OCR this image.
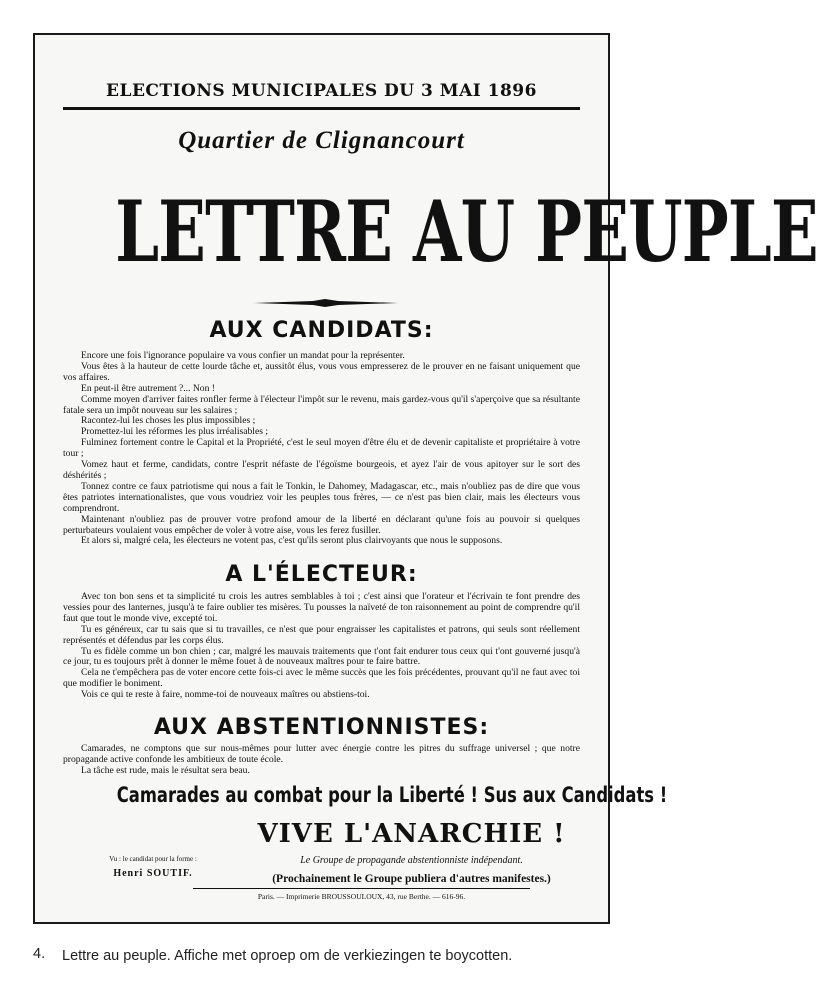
ELECTIONS MUNICIPALES DU 3 MAI 1896
Quartier de Clignancourt
LETTRE AU PEUPLE
AUX CANDIDATS:

Encore une fois l'ignorance populaire va vous confier un mandat pour la représenter.

Vous êtes à la hauteur de cette lourde tâche et, aussitôt élus, vous vous empresserez de le prouver en ne faisant uniquement que vos affaires.

En peut-il être autrement ?... Non !

Comme moyen d'arriver faites ronfler ferme à l'électeur l'impôt sur le revenu, mais gardez-vous qu'il s'aperçoive que sa résultante fatale sera un impôt nouveau sur les salaires ;

Racontez-lui les choses les plus impossibles ;

Promettez-lui les réformes les plus irréalisables ;

Fulminez fortement contre le Capital et la Propriété, c'est le seul moyen d'être élu et de devenir capitaliste et propriétaire à votre tour ;

Vomez haut et ferme, candidats, contre l'esprit néfaste de l'égoïsme bourgeois, et ayez l'air de vous apitoyer sur le sort des déshérités ;

Tonnez contre ce faux patriotisme qui nous a fait le Tonkin, le Dahomey, Madagascar, etc., mais n'oubliez pas de dire que vous êtes patriotes internationalistes, que vous voudriez voir les peuples tous frères, — ce n'est pas bien clair, mais les électeurs vous comprendront.

Maintenant n'oubliez pas de prouver votre profond amour de la liberté en déclarant qu'une fois au pouvoir si quelques perturbateurs voulaient vous empêcher de voler à votre aise, vous les ferez fusiller.

Et alors si, malgré cela, les électeurs ne votent pas, c'est qu'ils seront plus clairvoyants que nous le supposons.

A L'ÉLECTEUR:

Avec ton bon sens et ta simplicité tu crois les autres semblables à toi ; c'est ainsi que l'orateur et l'écrivain te font prendre des vessies pour des lanternes, jusqu'à te faire oublier tes misères. Tu pousses la naïveté de ton raisonnement au point de comprendre qu'il faut que tout le monde vive, excepté toi.

Tu es généreux, car tu sais que si tu travailles, ce n'est que pour engraisser les capitalistes et patrons, qui seuls sont réellement représentés et défendus par les corps élus.

Tu es fidèle comme un bon chien ; car, malgré les mauvais traitements que t'ont fait endurer tous ceux qui t'ont gouverné jusqu'à ce jour, tu es toujours prêt à donner le même fouet à de nouveaux maîtres pour te faire battre.

Cela ne t'empêchera pas de voter encore cette fois-ci avec le même succès que les fois précédentes, prouvant qu'il ne faut avec toi que modifier le boniment.

Vois ce qui te reste à faire, nomme-toi de nouveaux maîtres ou abstiens-toi.

AUX ABSTENTIONNISTES:

Camarades, ne comptons que sur nous-mêmes pour lutter avec énergie contre les pitres du suffrage universel ; que notre propagande active confonde les ambitieux de toute école.

La tâche est rude, mais le résultat sera beau.

Camarades au combat pour la Liberté ! Sus aux Candidats !
VIVE L'ANARCHIE !
Le Groupe de propagande abstentionniste indépendant.
(Prochainement le Groupe publiera d'autres manifestes.)
Vu : le candidat pour la forme :
Henri SOUTIF.
Paris. — Imprimerie BROUSSOULOUX, 43, rue Berthe. — 616-96.
4. Lettre au peuple. Affiche met oproep om de verkiezingen te boycotten.
